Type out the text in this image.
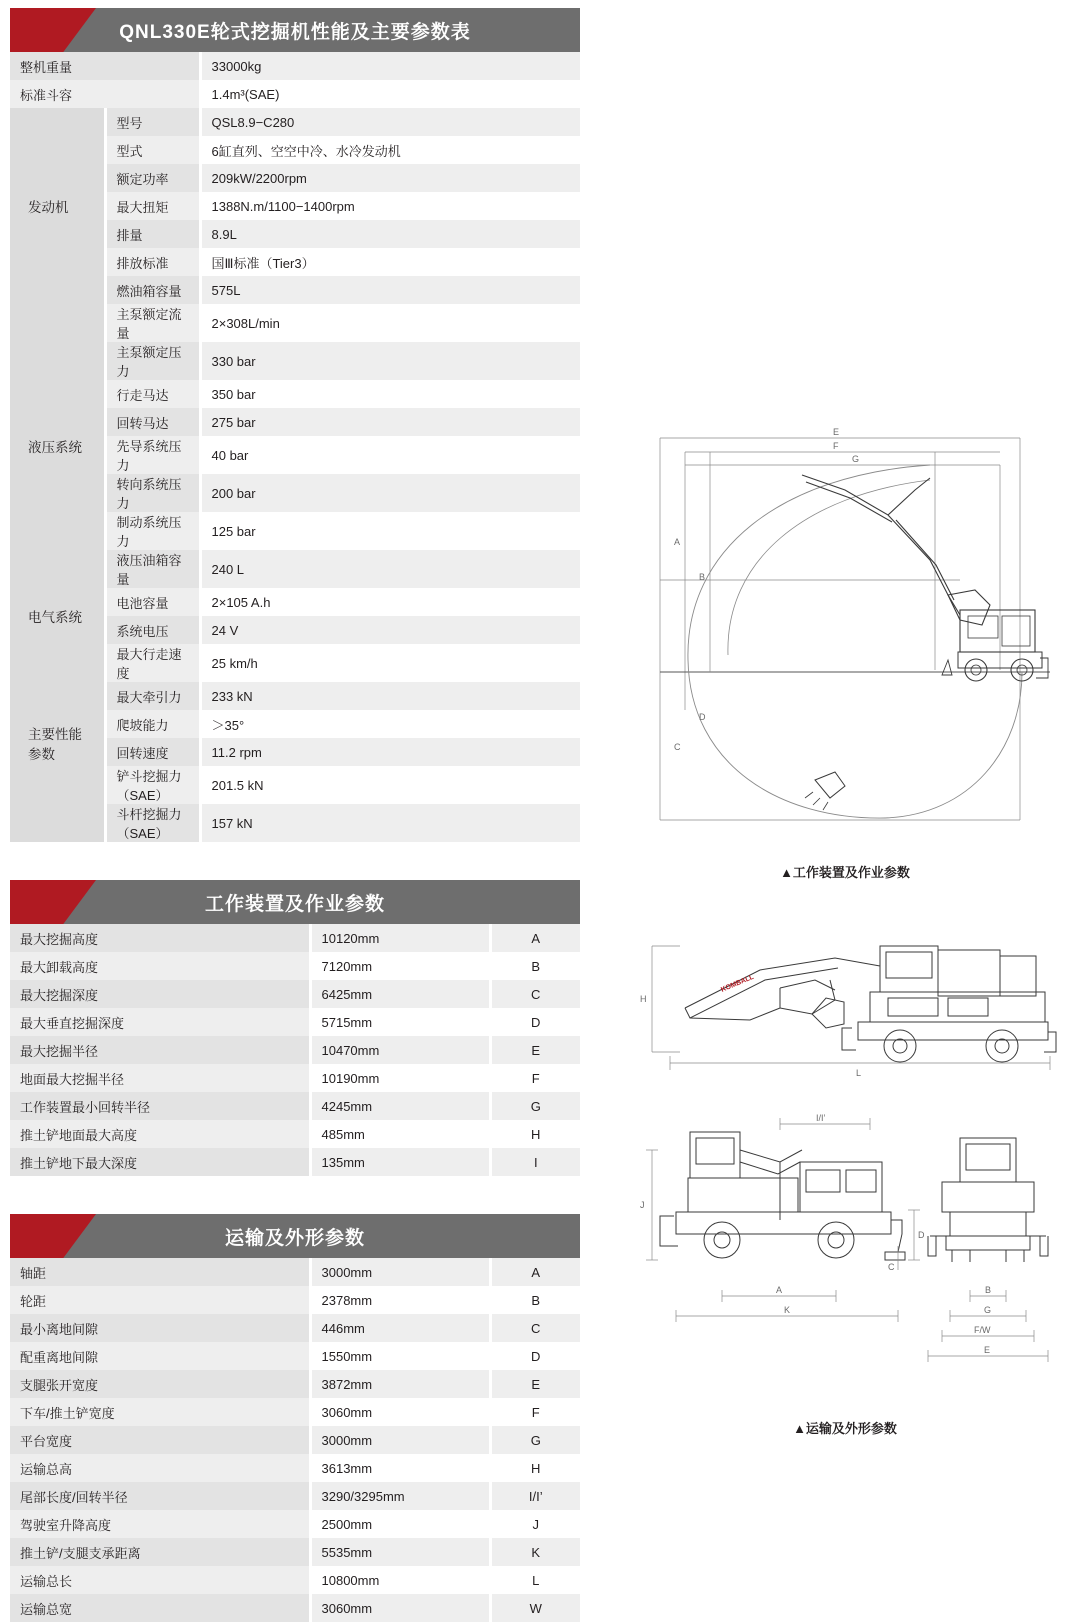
QNL330E轮式挖掘机性能及主要参数表
整机重量		33000kg
标准斗容		1.4m³(SAE)
发动机	型号	QSL8.9−C280
	型式	6缸直列、空空中冷、水冷发动机
	额定功率	209kW/2200rpm
	最大扭矩	1388N.m/1100−1400rpm
	排量	8.9L
	排放标准	国Ⅲ标准（Tier3）
	燃油箱容量	575L
液压系统	主泵额定流量	2×308L/min
	主泵额定压力	330 bar
	行走马达	350 bar
	回转马达	275 bar
	先导系统压力	40 bar
	转向系统压力	200 bar
	制动系统压力	125 bar
	液压油箱容量	240 L
电气系统	电池容量	2×105 A.h
	系统电压	24 V
主要性能参数	最大行走速度	25 km/h
	最大牵引力	233 kN
	爬坡能力	＞35°
	回转速度	11.2 rpm
	铲斗挖掘力（SAE）	201.5 kN
	斗杆挖掘力（SAE）	157 kN
工作装置及作业参数
最大挖掘高度	10120mm	A
最大卸载高度	7120mm	B
最大挖掘深度	6425mm	C
最大垂直挖掘深度	5715mm	D
最大挖掘半径	10470mm	E
地面最大挖掘半径	10190mm	F
工作装置最小回转半径	4245mm	G
推土铲地面最大高度	485mm	H
推土铲地下最大深度	135mm	I
运输及外形参数
轴距	3000mm	A
轮距	2378mm	B
最小离地间隙	446mm	C
配重离地间隙	1550mm	D
支腿张开宽度	3872mm	E
下车/推土铲宽度	3060mm	F
平台宽度	3000mm	G
运输总高	3613mm	H
尾部长度/回转半径	3290/3295mm	I/I’
驾驶室升降高度	2500mm	J
推土铲/支腿支承距离	5535mm	K
运输总长	10800mm	L
运输总宽	3060mm	W
E
F
G
A
B
C
D
▲工作装置及作业参数
H
L
KOMBALL
I/I’
J
A
K
C
D
B
G
F/W
E
▲运输及外形参数
